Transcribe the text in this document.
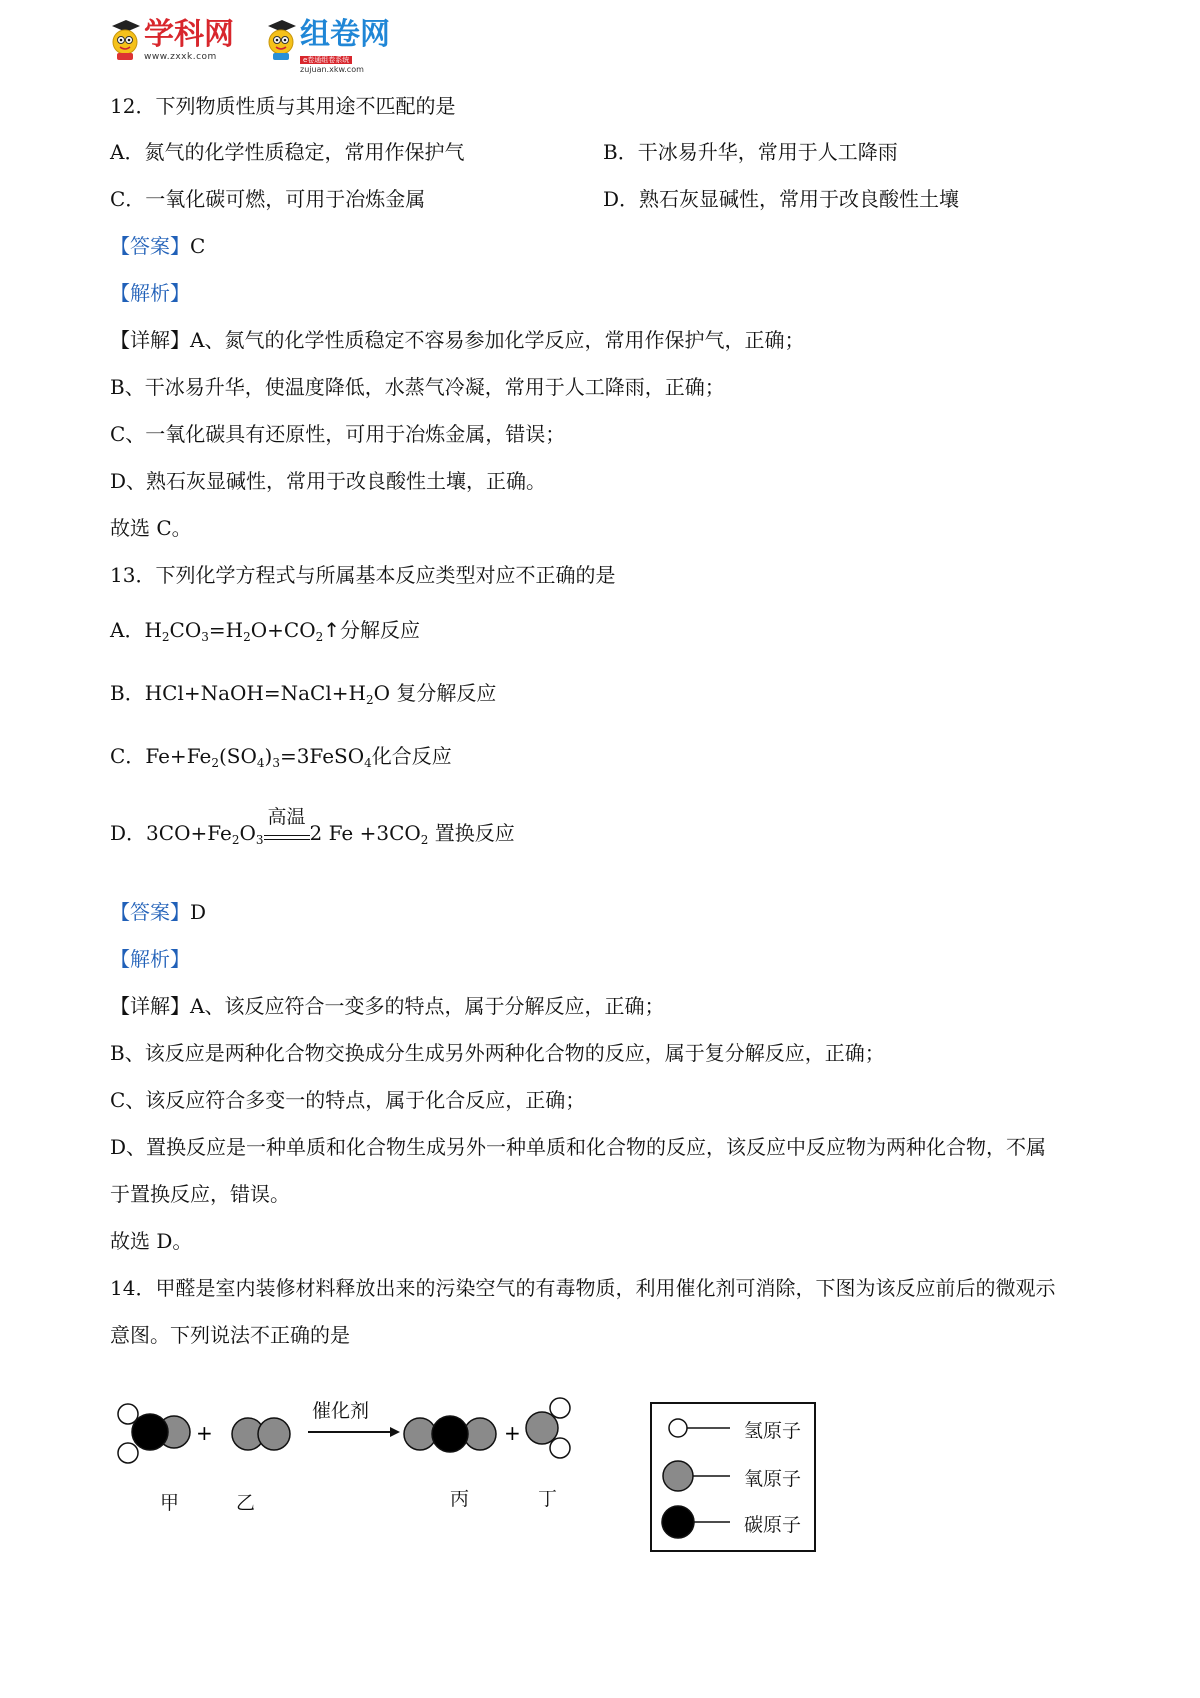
学科网
www.zxxk.com
组卷网
e卷通组卷系统
zujuan.xkw.com
12．下列物质性质与其用途不匹配的是
A．氮气的化学性质稳定，常用作保护气	B．干冰易升华，常用于人工降雨
C．一氧化碳可燃，可用于冶炼金属	D．熟石灰显碱性，常用于改良酸性土壤
【答案】C
【解析】
【详解】A、氮气的化学性质稳定不容易参加化学反应，常用作保护气，正确；
B、干冰易升华，使温度降低，水蒸气冷凝，常用于人工降雨，正确；
C、一氧化碳具有还原性，可用于冶炼金属，错误；
D、熟石灰显碱性，常用于改良酸性土壤，正确。
故选 C。
13．下列化学方程式与所属基本反应类型对应不正确的是
A．$H_2CO_3=H_2O+CO_2↑$分解反应
B．$HCl+NaOH=NaCl+H_2O$ 复分解反应
C．$Fe+Fe_2(SO_4)_3=3FeSO_4$化合反应
D．$3CO+Fe_2O_3$
高温
2 $Fe +3CO_2$ 置换反应
【答案】D
【解析】
【详解】A、该反应符合一变多的特点，属于分解反应，正确；
B、该反应是两种化合物交换成分生成另外两种化合物的反应，属于复分解反应，正确；
C、该反应符合多变一的特点，属于化合反应，正确；
D、置换反应是一种单质和化合物生成另外一种单质和化合物的反应，该反应中反应物为两种化合物，不属
于置换反应，错误。
故选 D。
14．甲醛是室内装修材料释放出来的污染空气的有毒物质，利用催化剂可消除，下图为该反应前后的微观示
意图。下列说法不正确的是
+	+
催化剂
甲	乙	丙	丁
氢原子
氧原子
碳原子
